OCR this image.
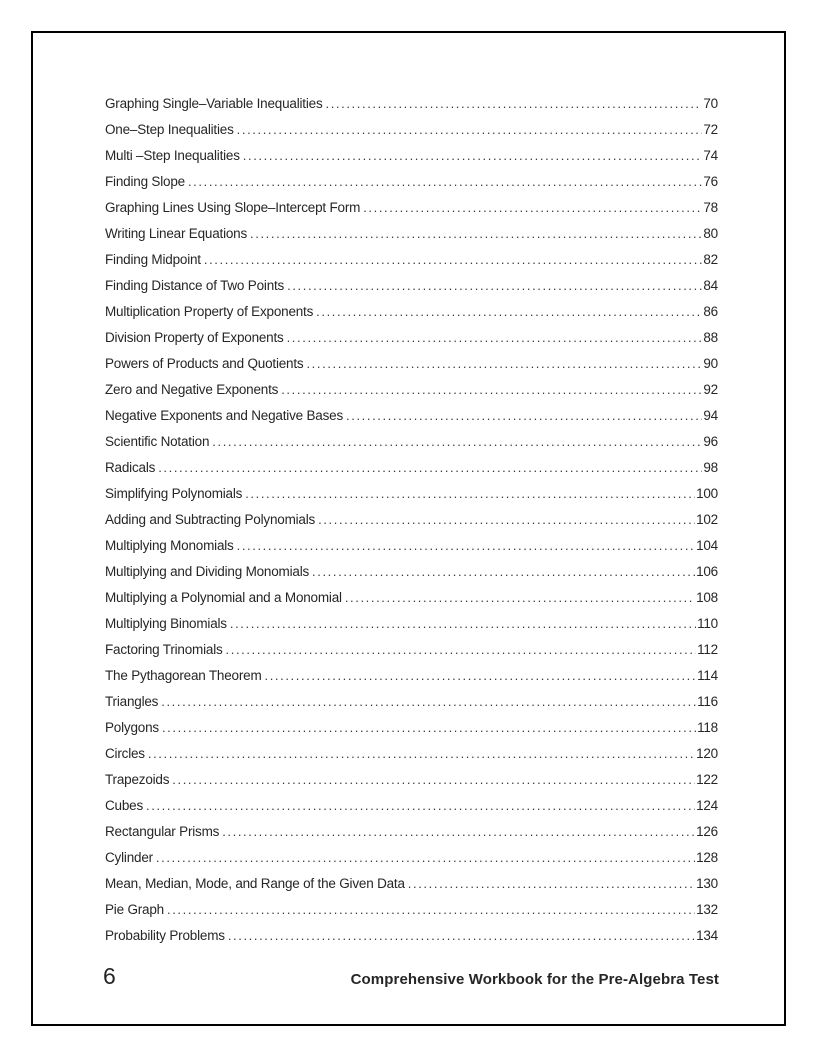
Graphing Single–Variable Inequalities .....	70
One–Step Inequalities .....	72
Multi –Step Inequalities .....	74
Finding Slope .....	76
Graphing Lines Using Slope–Intercept Form .....	78
Writing Linear Equations .....	80
Finding Midpoint .....	82
Finding Distance of Two Points .....	84
Multiplication Property of Exponents .....	86
Division Property of Exponents .....	88
Powers of Products and Quotients .....	90
Zero and Negative Exponents .....	92
Negative Exponents and Negative Bases .....	94
Scientific Notation .....	96
Radicals .....	98
Simplifying Polynomials .....	100
Adding and Subtracting Polynomials .....	102
Multiplying Monomials .....	104
Multiplying and Dividing Monomials .....	106
Multiplying a Polynomial and a Monomial .....	108
Multiplying Binomials .....	110
Factoring Trinomials .....	112
The Pythagorean Theorem .....	114
Triangles .....	116
Polygons .....	118
Circles .....	120
Trapezoids .....	122
Cubes .....	124
Rectangular Prisms .....	126
Cylinder .....	128
Mean, Median, Mode, and Range of the Given Data .....	130
Pie Graph .....	132
Probability Problems .....	134
6	Comprehensive Workbook for the Pre-Algebra Test
